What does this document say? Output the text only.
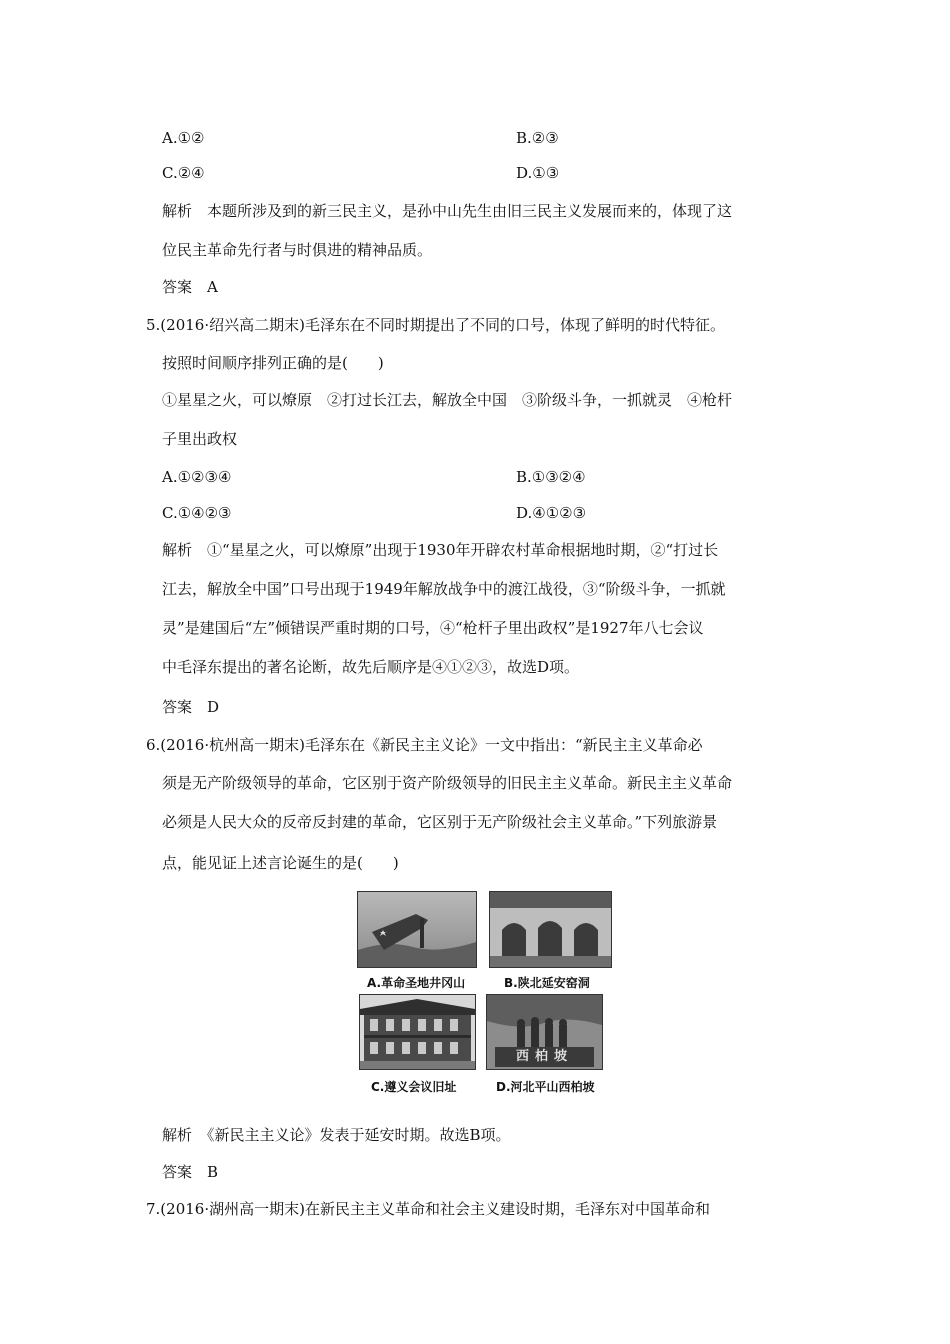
A.①②	B.②③
C.②④	D.①③
解析　本题所涉及到的新三民主义，是孙中山先生由旧三民主义发展而来的，体现了这
位民主革命先行者与时俱进的精神品质。
答案　A
5.(2016·绍兴高二期末)毛泽东在不同时期提出了不同的口号，体现了鲜明的时代特征。
按照时间顺序排列正确的是(　　)
①星星之火，可以燎原　②打过长江去，解放全中国　③阶级斗争，一抓就灵　④枪杆
子里出政权
A.①②③④	B.①③②④
C.①④②③	D.④①②③
解析　①“星星之火，可以燎原”出现于1930年开辟农村革命根据地时期，②“打过长
江去，解放全中国”口号出现于1949年解放战争中的渡江战役，③“阶级斗争，一抓就
灵”是建国后“左”倾错误严重时期的口号，④“枪杆子里出政权”是1927年八七会议
中毛泽东提出的著名论断，故先后顺序是④①②③，故选D项。
答案　D
6.(2016·杭州高一期末)毛泽东在《新民主主义论》一文中指出：“新民主主义革命必
须是无产阶级领导的革命，它区别于资产阶级领导的旧民主主义革命。新民主主义革命
必须是人民大众的反帝反封建的革命，它区别于无产阶级社会主义革命。”下列旅游景
点，能见证上述言论诞生的是(　　)
A.革命圣地井冈山	B.陕北延安窑洞
C.遵义会议旧址
西柏坡
D.河北平山西柏坡
解析　《新民主主义论》发表于延安时期。故选B项。
答案　B
7.(2016·湖州高一期末)在新民主主义革命和社会主义建设时期，毛泽东对中国革命和
